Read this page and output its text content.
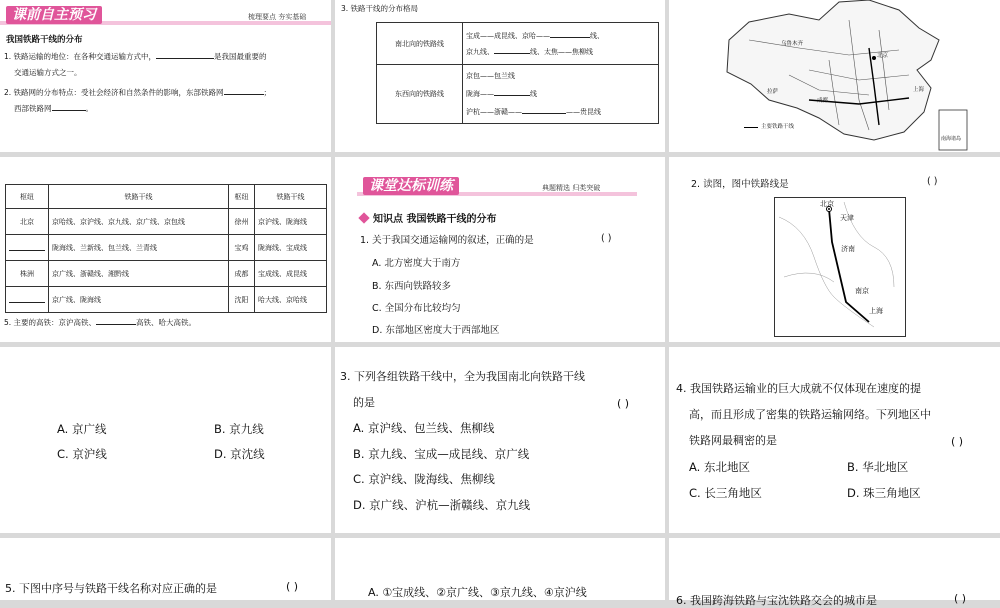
课前自主预习	梳理要点 夯实基础
我国铁路干线的分布
1. 铁路运输的地位：在各种交通运输方式中，	是我国最重要的
交通运输方式之一。
2. 铁路网的分布特点：受社会经济和自然条件的影响，东部铁路网	；
西部铁路网	。
3. 铁路干线的分布格局
南北向的铁路线	宝成——成昆线、京哈—— 线、
京九线、 线、太焦——焦柳线

东西向的铁路线	京包——包兰线
陇海—— 线
沪杭——浙赣—— ——贵昆线
乌鲁木齐
拉萨
北京
上海
成都
南海诸岛
主要铁路干线
枢纽	铁路干线	枢纽	铁路干线
北京	京哈线、京沪线、京九线、京广线、京包线	徐州	京沪线、陇海线
	陇海线、兰新线、包兰线、兰青线	宝鸡	陇海线、宝成线
株洲	京广线、浙赣线、湘黔线	成都	宝成线、成昆线
	京广线、陇海线	沈阳	哈大线、京哈线
5. 主要的高铁：京沪高铁、	高铁、哈大高铁。
课堂达标训练	典题精选 归类突破
知识点 我国铁路干线的分布
1. 关于我国交通运输网的叙述，正确的是	( )
A. 北方密度大于南方
B. 东西向铁路较多
C. 全国分布比较均匀
D. 东部地区密度大于西部地区
2. 读图，图中铁路线是	( )
北京
天津
济南
南京
上海
A. 京广线	B. 京九线
C. 京沪线	D. 京沈线
3. 下列各组铁路干线中，全为我国南北向铁路干线
的是	( )
A. 京沪线、包兰线、焦柳线
B. 京九线、宝成—成昆线、京广线
C. 京沪线、陇海线、焦柳线
D. 京广线、沪杭—浙赣线、京九线
4. 我国铁路运输业的巨大成就不仅体现在速度的提
高，而且形成了密集的铁路运输网络。下列地区中
铁路网最稠密的是	( )
A. 东北地区	B. 华北地区
C. 长三角地区	D. 珠三角地区
5. 下图中序号与铁路干线名称对应正确的是	( )	A. ①宝成线、②京广线、③京九线、④京沪线
6. 我国跨海铁路与宝沈铁路交会的城市是	( )
